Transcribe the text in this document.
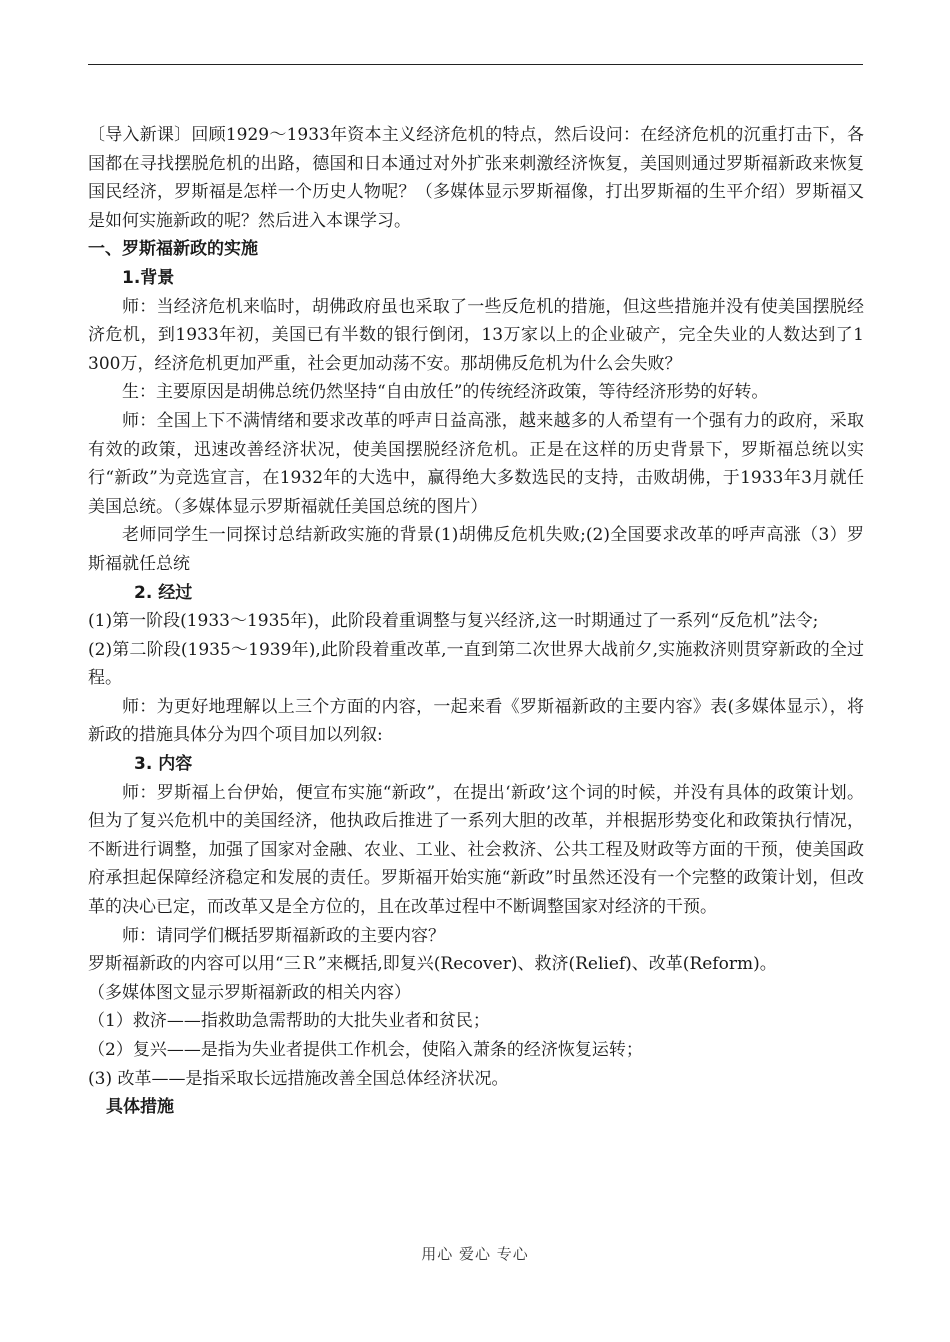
〔导入新课〕回顾1929～1933年资本主义经济危机的特点，然后设问：在经济危机的沉重打击下，各国都在寻找摆脱危机的出路，德国和日本通过对外扩张来刺激经济恢复，美国则通过罗斯福新政来恢复国民经济，罗斯福是怎样一个历史人物呢？（多媒体显示罗斯福像，打出罗斯福的生平介绍）罗斯福又是如何实施新政的呢？然后进入本课学习。

一、罗斯福新政的实施

1.背景

师：当经济危机来临时，胡佛政府虽也采取了一些反危机的措施，但这些措施并没有使美国摆脱经济危机，到1933年初，美国已有半数的银行倒闭，13万家以上的企业破产，完全失业的人数达到了1 300万，经济危机更加严重，社会更加动荡不安。那胡佛反危机为什么会失败？

生：主要原因是胡佛总统仍然坚持“自由放任”的传统经济政策，等待经济形势的好转。

师：全国上下不满情绪和要求改革的呼声日益高涨，越来越多的人希望有一个强有力的政府，采取有效的政策，迅速改善经济状况，使美国摆脱经济危机。正是在这样的历史背景下，罗斯福总统以实行“新政”为竞选宣言，在1932年的大选中，赢得绝大多数选民的支持，击败胡佛，于1933年3月就任美国总统。（多媒体显示罗斯福就任美国总统的图片）

老师同学生一同探讨总结新政实施的背景(1)胡佛反危机失败;(2)全国要求改革的呼声高涨（3）罗斯福就任总统

2. 经过

(1)第一阶段(1933～1935年)，此阶段着重调整与复兴经济,这一时期通过了一系列“反危机”法令;

(2)第二阶段(1935～1939年),此阶段着重改革,一直到第二次世界大战前夕,实施救济则贯穿新政的全过程。

师：为更好地理解以上三个方面的内容，一起来看《罗斯福新政的主要内容》表(多媒体显示），将新政的措施具体分为四个项目加以列叙:

3. 内容

师：罗斯福上台伊始，便宣布实施“新政”，在提出‘新政’这个词的时候，并没有具体的政策计划。但为了复兴危机中的美国经济，他执政后推进了一系列大胆的改革，并根据形势变化和政策执行情况，不断进行调整，加强了国家对金融、农业、工业、社会救济、公共工程及财政等方面的干预，使美国政府承担起保障经济稳定和发展的责任。罗斯福开始实施“新政”时虽然还没有一个完整的政策计划，但改革的决心已定，而改革又是全方位的，且在改革过程中不断调整国家对经济的干预。

师：请同学们概括罗斯福新政的主要内容？

罗斯福新政的内容可以用“三Ｒ”来概括,即复兴(Recover)、救济(Relief)、改革(Reform)。

（多媒体图文显示罗斯福新政的相关内容）

（1）救济——指救助急需帮助的大批失业者和贫民；

（2）复兴——是指为失业者提供工作机会，使陷入萧条的经济恢复运转；

(3) 改革——是指采取长远措施改善全国总体经济状况。

具体措施

用心 爱心 专心
